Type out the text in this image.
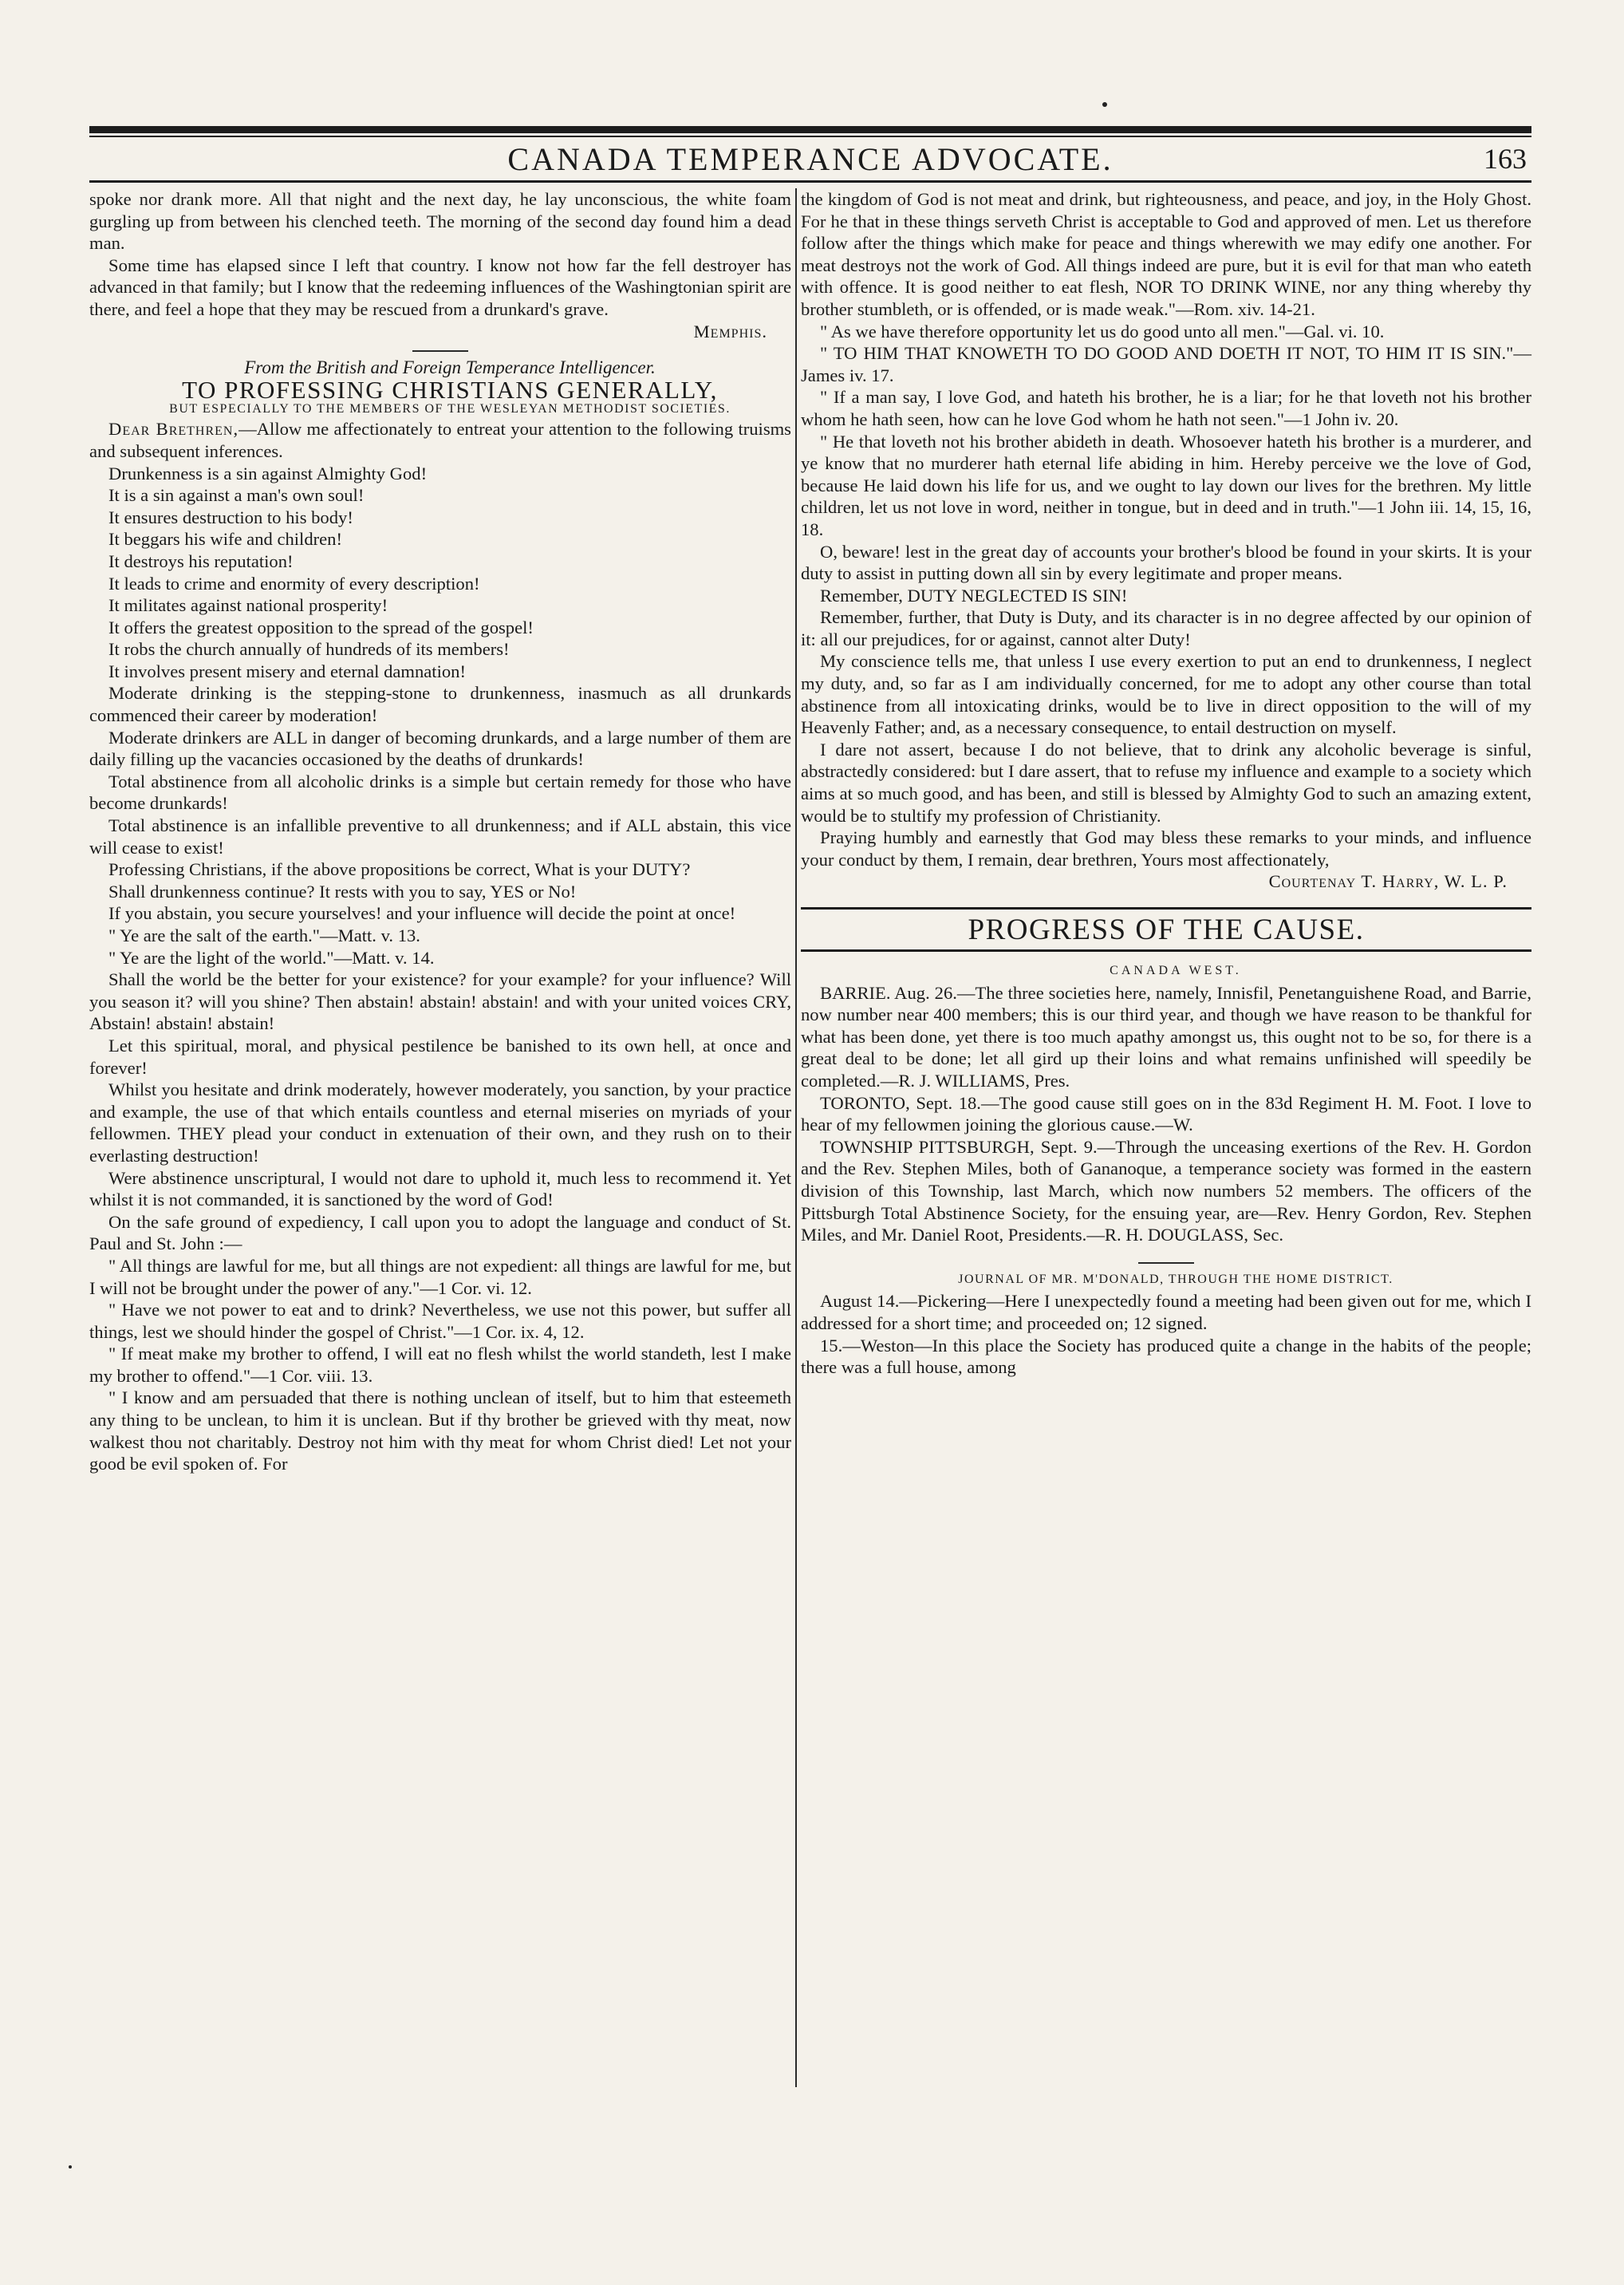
CANADA TEMPERANCE ADVOCATE.	163

spoke nor drank more. All that night and the next day, he lay unconscious, the white foam gurgling up from between his clenched teeth. The morning of the second day found him a dead man.

Some time has elapsed since I left that country. I know not how far the fell destroyer has advanced in that family; but I know that the redeeming influences of the Washingtonian spirit are there, and feel a hope that they may be rescued from a drunkard's grave.

Memphis.

From the British and Foreign Temperance Intelligencer.

TO PROFESSING CHRISTIANS GENERALLY,

BUT ESPECIALLY TO THE MEMBERS OF THE WESLEYAN METHODIST SOCIETIES.

Dear Brethren,—Allow me affectionately to entreat your attention to the following truisms and subsequent inferences.

Drunkenness is a sin against Almighty God!

It is a sin against a man's own soul!

It ensures destruction to his body!

It beggars his wife and children!

It destroys his reputation!

It leads to crime and enormity of every description!

It militates against national prosperity!

It offers the greatest opposition to the spread of the gospel!

It robs the church annually of hundreds of its members!

It involves present misery and eternal damnation!

Moderate drinking is the stepping-stone to drunkenness, inasmuch as all drunkards commenced their career by moderation!

Moderate drinkers are ALL in danger of becoming drunkards, and a large number of them are daily filling up the vacancies occasioned by the deaths of drunkards!

Total abstinence from all alcoholic drinks is a simple but certain remedy for those who have become drunkards!

Total abstinence is an infallible preventive to all drunkenness; and if ALL abstain, this vice will cease to exist!

Professing Christians, if the above propositions be correct, What is your DUTY?

Shall drunkenness continue? It rests with you to say, YES or No!

If you abstain, you secure yourselves! and your influence will decide the point at once!

" Ye are the salt of the earth."—Matt. v. 13.

" Ye are the light of the world."—Matt. v. 14.

Shall the world be the better for your existence? for your example? for your influence? Will you season it? will you shine? Then abstain! abstain! abstain! and with your united voices CRY, Abstain! abstain! abstain!

Let this spiritual, moral, and physical pestilence be banished to its own hell, at once and forever!

Whilst you hesitate and drink moderately, however moderately, you sanction, by your practice and example, the use of that which entails countless and eternal miseries on myriads of your fellowmen. THEY plead your conduct in extenuation of their own, and they rush on to their everlasting destruction!

Were abstinence unscriptural, I would not dare to uphold it, much less to recommend it. Yet whilst it is not commanded, it is sanctioned by the word of God!

On the safe ground of expediency, I call upon you to adopt the language and conduct of St. Paul and St. John :—

" All things are lawful for me, but all things are not expedient: all things are lawful for me, but I will not be brought under the power of any."—1 Cor. vi. 12.

" Have we not power to eat and to drink? Nevertheless, we use not this power, but suffer all things, lest we should hinder the gospel of Christ."—1 Cor. ix. 4, 12.

" If meat make my brother to offend, I will eat no flesh whilst the world standeth, lest I make my brother to offend."—1 Cor. viii. 13.

" I know and am persuaded that there is nothing unclean of itself, but to him that esteemeth any thing to be unclean, to him it is unclean. But if thy brother be grieved with thy meat, now walkest thou not charitably. Destroy not him with thy meat for whom Christ died! Let not your good be evil spoken of. For

the kingdom of God is not meat and drink, but righteousness, and peace, and joy, in the Holy Ghost. For he that in these things serveth Christ is acceptable to God and approved of men. Let us therefore follow after the things which make for peace and things wherewith we may edify one another. For meat destroys not the work of God. All things indeed are pure, but it is evil for that man who eateth with offence. It is good neither to eat flesh, NOR TO DRINK WINE, nor any thing whereby thy brother stumbleth, or is offended, or is made weak."—Rom. xiv. 14-21.

" As we have therefore opportunity let us do good unto all men."—Gal. vi. 10.

" TO HIM THAT KNOWETH TO DO GOOD AND DOETH IT NOT, TO HIM IT IS SIN."—James iv. 17.

" If a man say, I love God, and hateth his brother, he is a liar; for he that loveth not his brother whom he hath seen, how can he love God whom he hath not seen."—1 John iv. 20.

" He that loveth not his brother abideth in death. Whosoever hateth his brother is a murderer, and ye know that no murderer hath eternal life abiding in him. Hereby perceive we the love of God, because He laid down his life for us, and we ought to lay down our lives for the brethren. My little children, let us not love in word, neither in tongue, but in deed and in truth."—1 John iii. 14, 15, 16, 18.

O, beware! lest in the great day of accounts your brother's blood be found in your skirts. It is your duty to assist in putting down all sin by every legitimate and proper means.

Remember, DUTY NEGLECTED IS SIN!

Remember, further, that Duty is Duty, and its character is in no degree affected by our opinion of it: all our prejudices, for or against, cannot alter Duty!

My conscience tells me, that unless I use every exertion to put an end to drunkenness, I neglect my duty, and, so far as I am individually concerned, for me to adopt any other course than total abstinence from all intoxicating drinks, would be to live in direct opposition to the will of my Heavenly Father; and, as a necessary consequence, to entail destruction on myself.

I dare not assert, because I do not believe, that to drink any alcoholic beverage is sinful, abstractedly considered: but I dare assert, that to refuse my influence and example to a society which aims at so much good, and has been, and still is blessed by Almighty God to such an amazing extent, would be to stultify my profession of Christianity.

Praying humbly and earnestly that God may bless these remarks to your minds, and influence your conduct by them, I remain, dear brethren, Yours most affectionately,

Courtenay T. Harry, W. L. P.

PROGRESS OF THE CAUSE.

CANADA WEST.

BARRIE. Aug. 26.—The three societies here, namely, Innisfil, Penetanguishene Road, and Barrie, now number near 400 members; this is our third year, and though we have reason to be thankful for what has been done, yet there is too much apathy amongst us, this ought not to be so, for there is a great deal to be done; let all gird up their loins and what remains unfinished will speedily be completed.—R. J. WILLIAMS, Pres.

TORONTO, Sept. 18.—The good cause still goes on in the 83d Regiment H. M. Foot. I love to hear of my fellowmen joining the glorious cause.—W.

TOWNSHIP PITTSBURGH, Sept. 9.—Through the unceasing exertions of the Rev. H. Gordon and the Rev. Stephen Miles, both of Gananoque, a temperance society was formed in the eastern division of this Township, last March, which now numbers 52 members. The officers of the Pittsburgh Total Abstinence Society, for the ensuing year, are—Rev. Henry Gordon, Rev. Stephen Miles, and Mr. Daniel Root, Presidents.—R. H. DOUGLASS, Sec.

JOURNAL OF MR. M'DONALD, THROUGH THE HOME DISTRICT.

August 14.—Pickering—Here I unexpectedly found a meeting had been given out for me, which I addressed for a short time; and proceeded on; 12 signed.

15.—Weston—In this place the Society has produced quite a change in the habits of the people; there was a full house, among
